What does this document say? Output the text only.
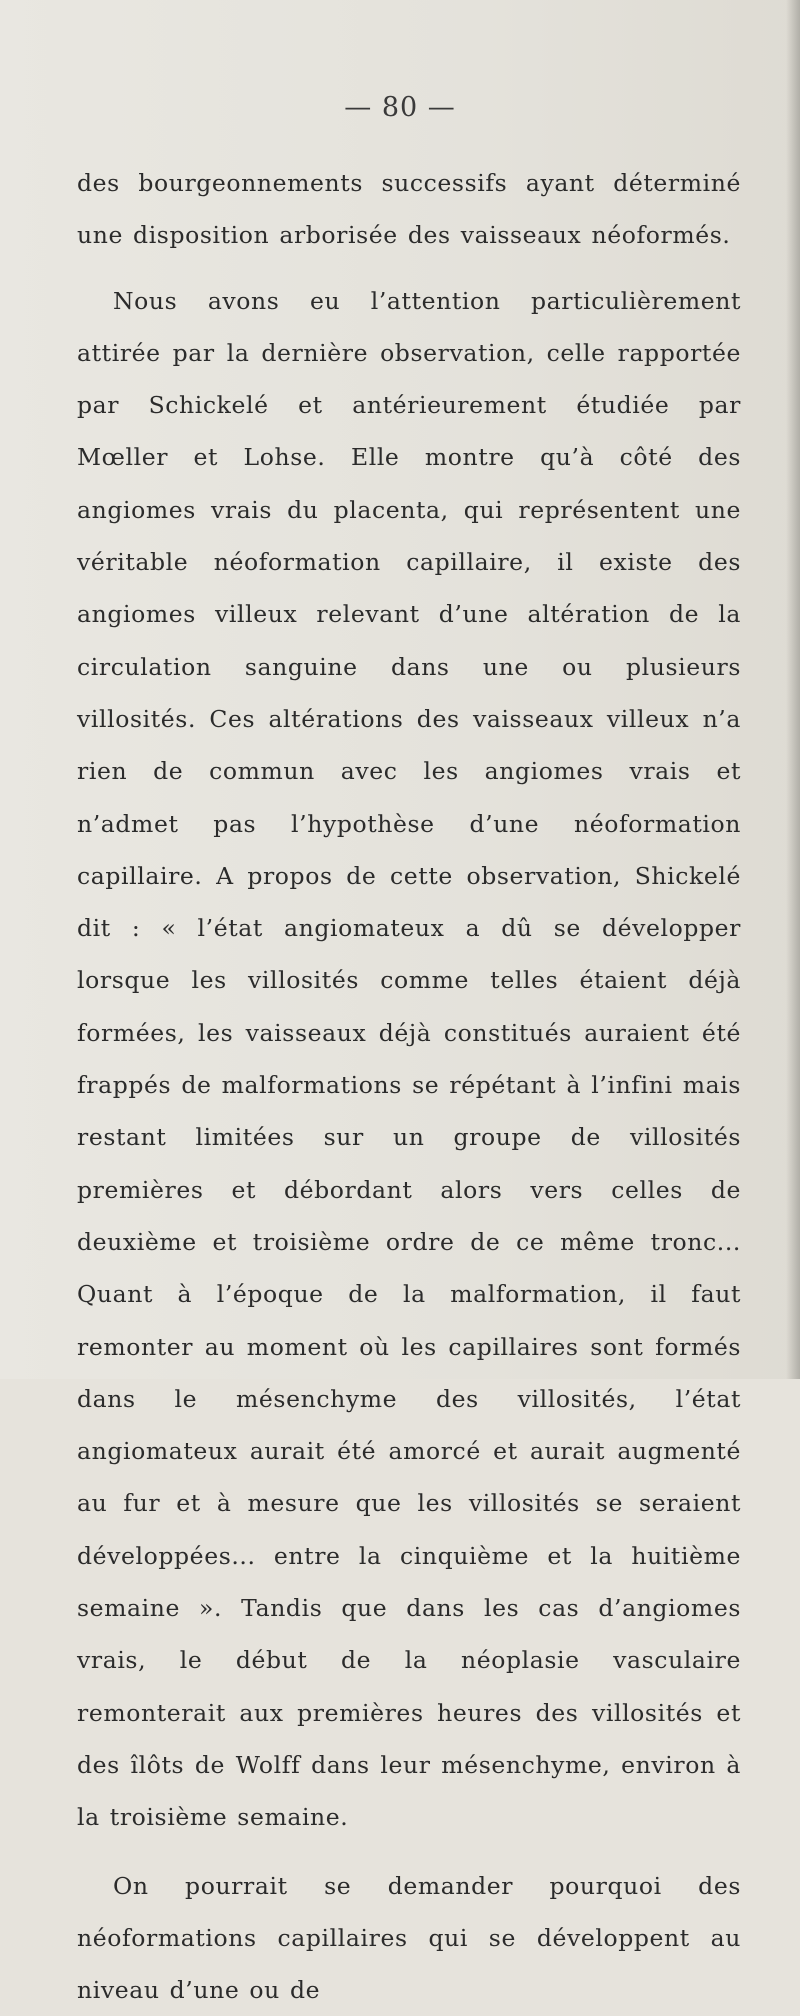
— 80 —

des bourgeonnements successifs ayant déterminé une disposition arborisée des vaisseaux néoformés.

Nous avons eu l’attention particulièrement attirée par la dernière observation, celle rapportée par Schickelé et antérieurement étudiée par Mœller et Lohse. Elle montre qu’à côté des angiomes vrais du placenta, qui représentent une véritable néoformation capillaire, il existe des angiomes villeux relevant d’une altération de la circulation sanguine dans une ou plusieurs villosités. Ces altérations des vaisseaux villeux n’a rien de commun avec les angiomes vrais et n’admet pas l’hypothèse d’une néoformation capillaire. A propos de cette observation, Shickelé dit : « l’état angiomateux a dû se développer lorsque les villosités comme telles étaient déjà formées, les vaisseaux déjà constitués auraient été frappés de malformations se répétant à l’infini mais restant limitées sur un groupe de villosités premières et débordant alors vers celles de deuxième et troisième ordre de ce même tronc... Quant à l’époque de la malformation, il faut remonter au moment où les capillaires sont formés dans le mésenchyme des villosités, l’état angiomateux aurait été amorcé et aurait augmenté au fur et à mesure que les villosités se seraient développées... entre la cinquième et la huitième semaine ». Tandis que dans les cas d’angiomes vrais, le début de la néoplasie vasculaire remonterait aux premières heures des villosités et des îlôts de Wolff dans leur mésenchyme, environ à la troisième semaine.

On pourrait se demander pourquoi des néoformations capillaires qui se développent au niveau d’une ou de
